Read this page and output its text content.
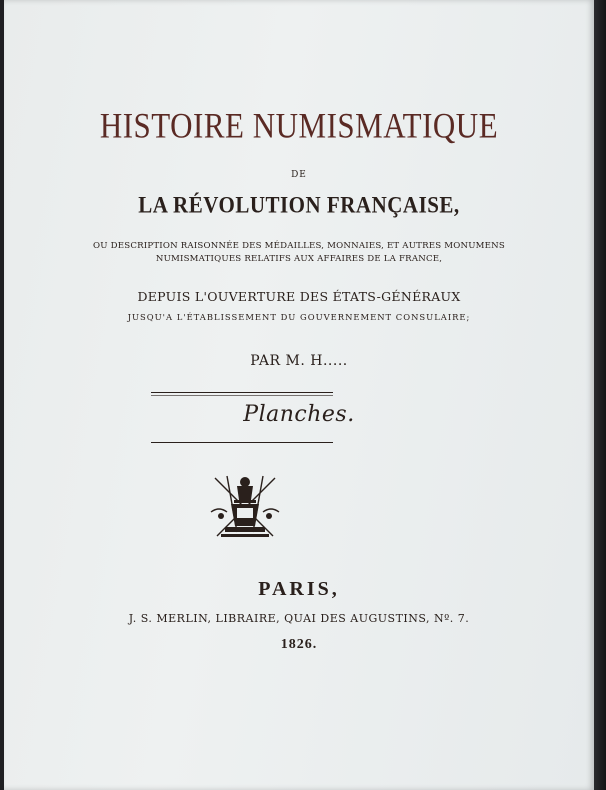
HISTOIRE NUMISMATIQUE
DE
LA RÉVOLUTION FRANÇAISE,
OU DESCRIPTION RAISONNÉE DES MÉDAILLES, MONNAIES, ET AUTRES MONUMENS
NUMISMATIQUES RELATIFS AUX AFFAIRES DE LA FRANCE,
DEPUIS L'OUVERTURE DES ÉTATS-GÉNÉRAUX
JUSQU'A L'ÉTABLISSEMENT DU GOUVERNEMENT CONSULAIRE;
PAR M. H.....
Planches.
PARIS,
J. S. MERLIN, LIBRAIRE, QUAI DES AUGUSTINS, Nº. 7.
1826.
